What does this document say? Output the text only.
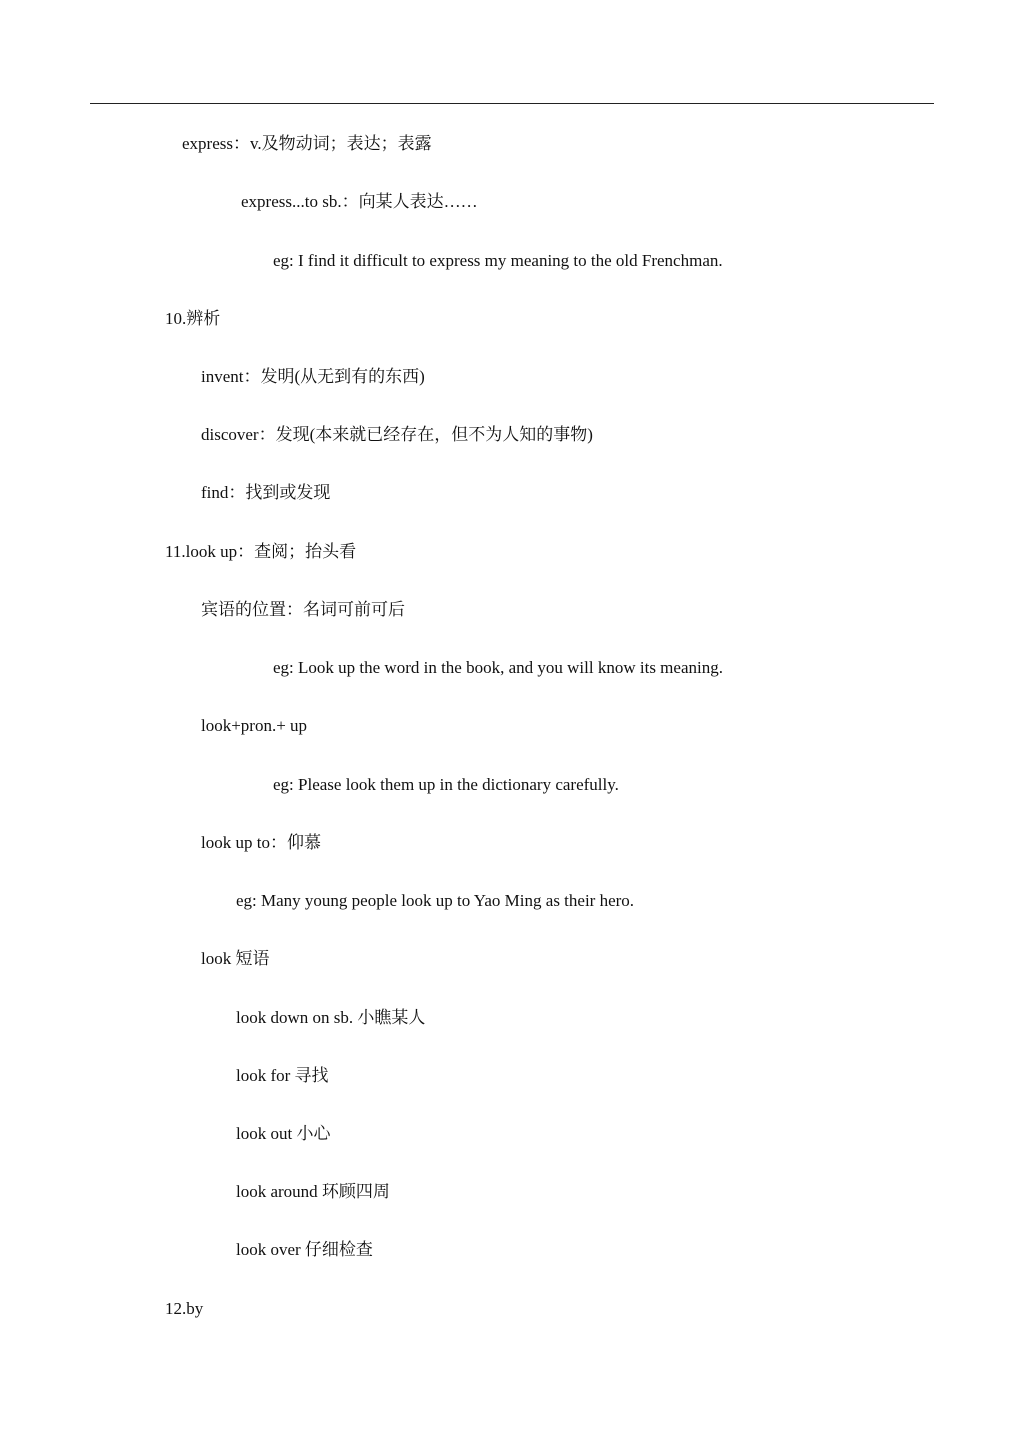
express：v.及物动词；表达；表露
express...to sb.：向某人表达……
eg: I find it difficult to express my meaning to the old Frenchman.
10.辨析
invent：发明(从无到有的东西)
discover：发现(本来就已经存在，但不为人知的事物)
find：找到或发现
11.look up：查阅；抬头看
宾语的位置：名词可前可后
eg: Look up the word in the book, and you will know its meaning.
look+pron.+ up
eg: Please look them up in the dictionary carefully.
look up to：仰慕
eg: Many young people look up to Yao Ming as their hero.
look 短语
look down on sb. 小瞧某人
look for 寻找
look out 小心
look around 环顾四周
look over 仔细检查
12.by
